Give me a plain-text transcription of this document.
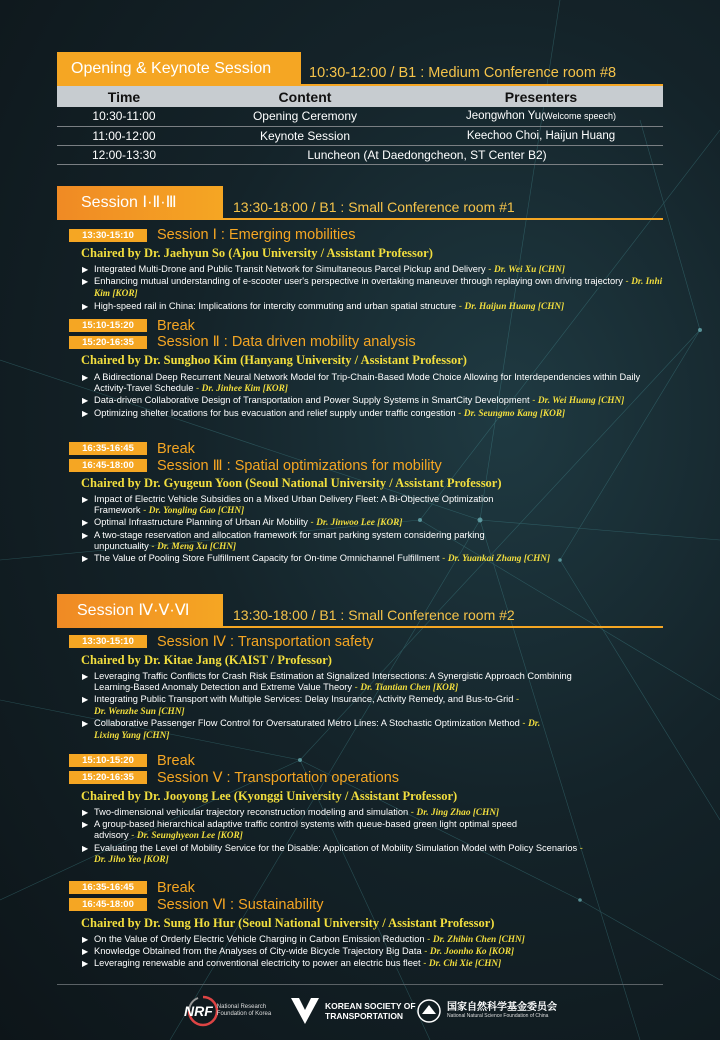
Opening & Keynote Session	10:30-12:00 / B1 : Medium Conference room #8
Time	Content	Presenters
10:30-11:00	Opening Ceremony	Jeongwhon Yu(Welcome speech)
11:00-12:00	Keynote Session	Keechoo Choi, Haijun Huang
12:00-13:30	Luncheon (At Daedongcheon, ST Center B2)	
Session Ⅰ·Ⅱ·Ⅲ	13:30-18:00 / B1 : Small Conference room #1
13:30-15:10	Session Ⅰ : Emerging mobilities
Chaired by Dr. Jaehyun So (Ajou University / Assistant Professor)
▶ Integrated Multi-Drone and Public Transit Network for Simultaneous Parcel Pickup and Delivery - Dr. Wei Xu [CHN]
▶ Enhancing mutual understanding of e-scooter user's perspective in overtaking maneuver through replaying own driving trajectory - Dr. Inhi Kim [KOR]
▶ High-speed rail in China: Implications for intercity commuting and urban spatial structure - Dr. Haijun Huang [CHN]
15:10-15:20	Break
15:20-16:35	Session Ⅱ : Data driven mobility analysis
Chaired by Dr. Sunghoo Kim (Hanyang University / Assistant Professor)
▶ A Bidirectional Deep Recurrent Neural Network Model for Trip-Chain-Based Mode Choice Allowing for Interdependencies within Daily Activity-Travel Schedule - Dr. Jinhee Kim [KOR]
▶ Data-driven Collaborative Design of Transportation and Power Supply Systems in SmartCity Development - Dr. Wei Huang [CHN]
▶ Optimizing shelter locations for bus evacuation and relief supply under traffic congestion - Dr. Seungmo Kang [KOR]
16:35-16:45	Break
16:45-18:00	Session Ⅲ : Spatial optimizations for mobility
Chaired by Dr. Gyugeun Yoon (Seoul National University / Assistant Professor)
▶ Impact of Electric Vehicle Subsidies on a Mixed Urban Delivery Fleet: A Bi-Objective Optimization Framework - Dr. Yongling Gao [CHN]
▶ Optimal Infrastructure Planning of Urban Air Mobility - Dr. Jinwoo Lee [KOR]
▶ A two-stage reservation and allocation framework for smart parking system considering parking unpunctuality - Dr. Meng Xu [CHN]
▶ The Value of Pooling Store Fulfillment Capacity for On-time Omnichannel Fulfillment - Dr. Yuankai Zhang [CHN]
Session Ⅳ·Ⅴ·Ⅵ	13:30-18:00 / B1 : Small Conference room #2
13:30-15:10	Session Ⅳ : Transportation safety
Chaired by Dr. Kitae Jang (KAIST / Professor)
▶ Leveraging Traffic Conflicts for Crash Risk Estimation at Signalized Intersections: A Synergistic Approach Combining Learning-Based Anomaly Detection and Extreme Value Theory - Dr. Tiantian Chen [KOR]
▶ Integrating Public Transport with Multiple Services: Delay Insurance, Activity Remedy, and Bus-to-Grid - Dr. Wenzhe Sun [CHN]
▶ Collaborative Passenger Flow Control for Oversaturated Metro Lines: A Stochastic Optimization Method - Dr. Lixing Yang [CHN]
15:10-15:20	Break
15:20-16:35	Session Ⅴ : Transportation operations
Chaired by Dr. Jooyong Lee (Kyonggi University / Assistant Professor)
▶ Two-dimensional vehicular trajectory reconstruction modeling and simulation - Dr. Jing Zhao [CHN]
▶ A group-based hierarchical adaptive traffic control systems with queue-based green light optimal speed advisory - Dr. Seunghyeon Lee [KOR]
▶ Evaluating the Level of Mobility Service for the Disable: Application of Mobility Simulation Model with Policy Scenarios - Dr. Jiho Yeo [KOR]
16:35-16:45	Break
16:45-18:00	Session Ⅵ : Sustainability
Chaired by Dr. Sung Ho Hur (Seoul National University / Assistant Professor)
▶ On the Value of Orderly Electric Vehicle Charging in Carbon Emission Reduction - Dr. Zhibin Chen [CHN]
▶ Knowledge Obtained from the Analyses of City-wide Bicycle Trajectory Big Data - Dr. Joonho Ko [KOR]
▶ Leveraging renewable and conventional electricity to power an electric bus fleet - Dr. Chi Xie [CHN]
NRF National Research
Foundation of Korea
KOREAN SOCIETY OF
TRANSPORTATION
国家自然科学基金委员会
National Natural Science Foundation of China
